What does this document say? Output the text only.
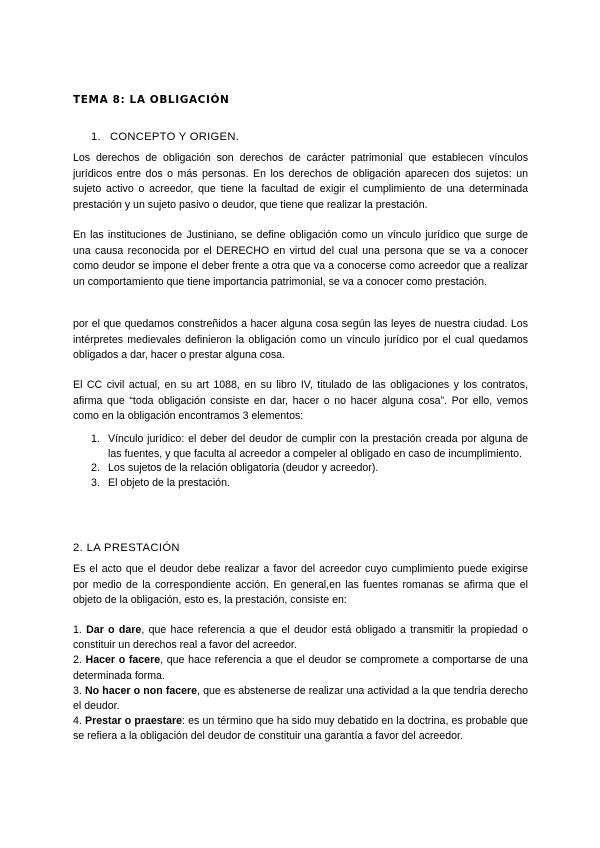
TEMA 8: LA OBLIGACIÓN
1. CONCEPTO Y ORIGEN.
Los derechos de obligación son derechos de carácter patrimonial que establecen vínculos jurídicos entre dos o más personas. En los derechos de obligación aparecen dos sujetos: un sujeto activo o acreedor, que tiene la facultad de exigir el cumplimiento de una determinada prestación y un sujeto pasivo o deudor, que tiene que realizar la prestación.
En las instituciones de Justiniano, se define obligación como un vínculo jurídico que surge de una causa reconocida por el DERECHO en virtud del cual una persona que se va a conocer como deudor se impone el deber frente a otra que va a conocerse como acreedor que a realizar un comportamiento que tiene importancia patrimonial, se va a conocer como prestación.
por el que quedamos constreñidos a hacer alguna cosa según las leyes de nuestra ciudad. Los intérpretes medievales definieron la obligación como un vínculo jurídico por el cual quedamos obligados a dar, hacer o prestar alguna cosa.
El CC civil actual, en su art 1088, en su libro IV, titulado de las obligaciones y los contratos, afirma que “toda obligación consiste en dar, hacer o no hacer alguna cosa”. Por ello, vemos como en la obligación encontramos 3 elementos:
1. Vínculo jurídico: el deber del deudor de cumplir con la prestación creada por alguna de las fuentes, y que faculta al acreedor a compeler al obligado en caso de incumplimiento.
2. Los sujetos de la relación obligatoria (deudor y acreedor).
3. El objeto de la prestación.
2. LA PRESTACIÓN
Es el acto que el deudor debe realizar a favor del acreedor cuyo cumplimiento puede exigirse por medio de la correspondiente acción. En general,en las fuentes romanas se afirma que el objeto de la obligación, esto es, la prestación, consiste en:
1. Dar o dare, que hace referencia a que el deudor está obligado a transmitir la propiedad o constituir un derechos real a favor del acreedor.
2. Hacer o facere, que hace referencia a que el deudor se compromete a comportarse de una determinada forma.
3. No hacer o non facere, que es abstenerse de realizar una actividad a la que tendría derecho el deudor.
4. Prestar o praestare: es un término que ha sido muy debatido en la doctrina, es probable que se refiera a la obligación del deudor de constituir una garantía a favor del acreedor.
